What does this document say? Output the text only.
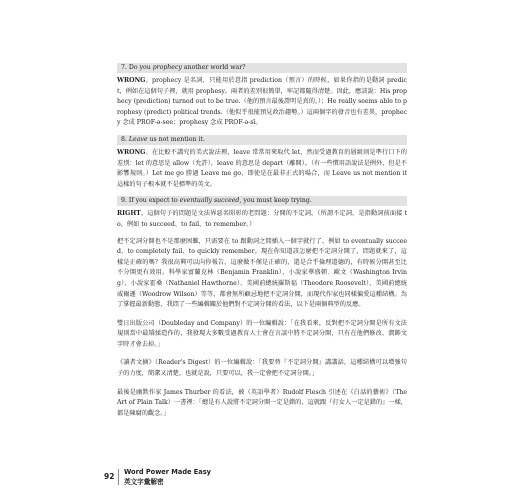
7. Do you prophecy another world war?

WRONG。prophecy 是名詞，只能用於意指 prediction（預言）的時候，如果你指的是動詞 predict，例如在這個句子裡，就用 prophesy。兩者的差別很簡單，牢記都隨得清楚。因此，應該說：His prophecy (prediction) turned out to be true.（他的預言最後證明是真的。）；He really seems able to prophesy (predict) political trends.（他似乎很能預見政治趨勢。）這兩個字的發音也有差異，prophecy 念成 PROF-ə-see；prophesy 念成 PROF-ə-sī。

8. Leave us not mention it.

WRONG。在比較不講究的美式說法裡，leave 常常用來取代 let，然而受過教育的層級則是準行口下的差別：let 的意思是 allow（允許），leave 的意思是 depart（離開）。（有一些慣用語說法是例外，但是不影響規則。）Let me go 勝過 Leave me go，即使是在最非正式的場合，而 Leave us not mention it 這樣的句子根本就不是標準的英文。

9. If you expect to eventually succeed, you must keep trying.

RIGHT。這個句子的問題是文法界惡名昭彰的老問題：分開的不定詞，（所謂不定詞，是指動詞前面接 to，例如 to succeed、to fail、to remember。）

把不定詞分開也不是那麼困難，只需要在 to 跟動詞之間插入一個字就行了，例如 to eventually succeed、to completely fail、to quickly remember。現在你知道該怎麼把不定詞分開了，問題就來了，這樣是正確的嗎？我很高興可以向你報告，這麼做不僅是正確的，還是合乎倫理道德的，有時候分開甚至比不分開更有效用。科學家富蘭克林（Benjamin Franklin）、小說家華盛頓．歐文（Washington Irving）、小說家霍桑（Nathaniel Hawthorne）、美國前總統羅斯福（Theodore Roosevelt）、美國前總統威爾遜（Woodrow Wilson）等等，都會無所顧忌地把不定詞分開，而現代作家也同樣偏愛這種結構。為了掌握最新動態，我問了一些編輯關於他們對不定詞分開的看法，以下是兩個典型的反應。

雙日出版公司（Doubleday and Company）的一位編輯說：「在我看來，反對把不定詞分開是所有文法規則當中最矯揉造作的，我發現大多數受過教育人士會在言談中將不定詞分開，只有在他們修改、潤飾文字時才會去掉。」

《讀者文摘》（Reader's Digest）的一位編輯說：「我要替『不定詞分開』講講話，這種結構可以增強句子的力度，簡潔又清楚，也就是說，只要可以，我一定會把不定詞分開。」

最後是幽默作家 James Thurber 的看法，被（英語學者）Rudolf Flesch 引述在《白話的藝術》（The Art of Plain Talk）一書裡：「總是有人說將不定詞分開一定是錯的，這就跟『打女人一定是錯的』一樣，都是陳腐的觀念。」

92 Word Power Made Easy
英文字彙解密
